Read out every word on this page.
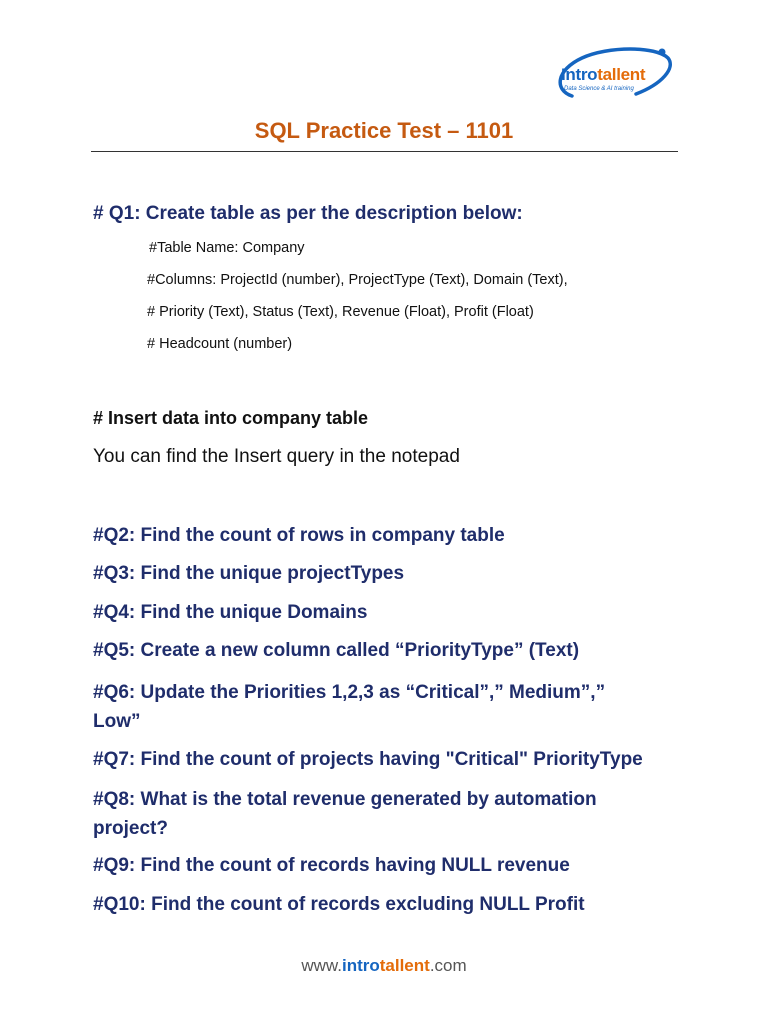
Introtallent
Data Science & AI training
SQL Practice Test – 1101
# Q1: Create table as per the description below:
#Table Name: Company
#Columns: ProjectId (number), ProjectType (Text), Domain (Text),
# Priority (Text), Status (Text), Revenue (Float), Profit (Float)
# Headcount (number)
# Insert data into company table
You can find the Insert query in the notepad
#Q2: Find the count of rows in company table
#Q3: Find the unique projectTypes
#Q4: Find the unique Domains
#Q5: Create a new column called “PriorityType” (Text)
#Q6: Update the Priorities 1,2,3 as “Critical”,” Medium”,” Low”
#Q7: Find the count of projects having "Critical" PriorityType
#Q8: What is the total revenue generated by automation project?
#Q9: Find the count of records having NULL revenue
#Q10: Find the count of records excluding NULL Profit
www.introtallent.com
